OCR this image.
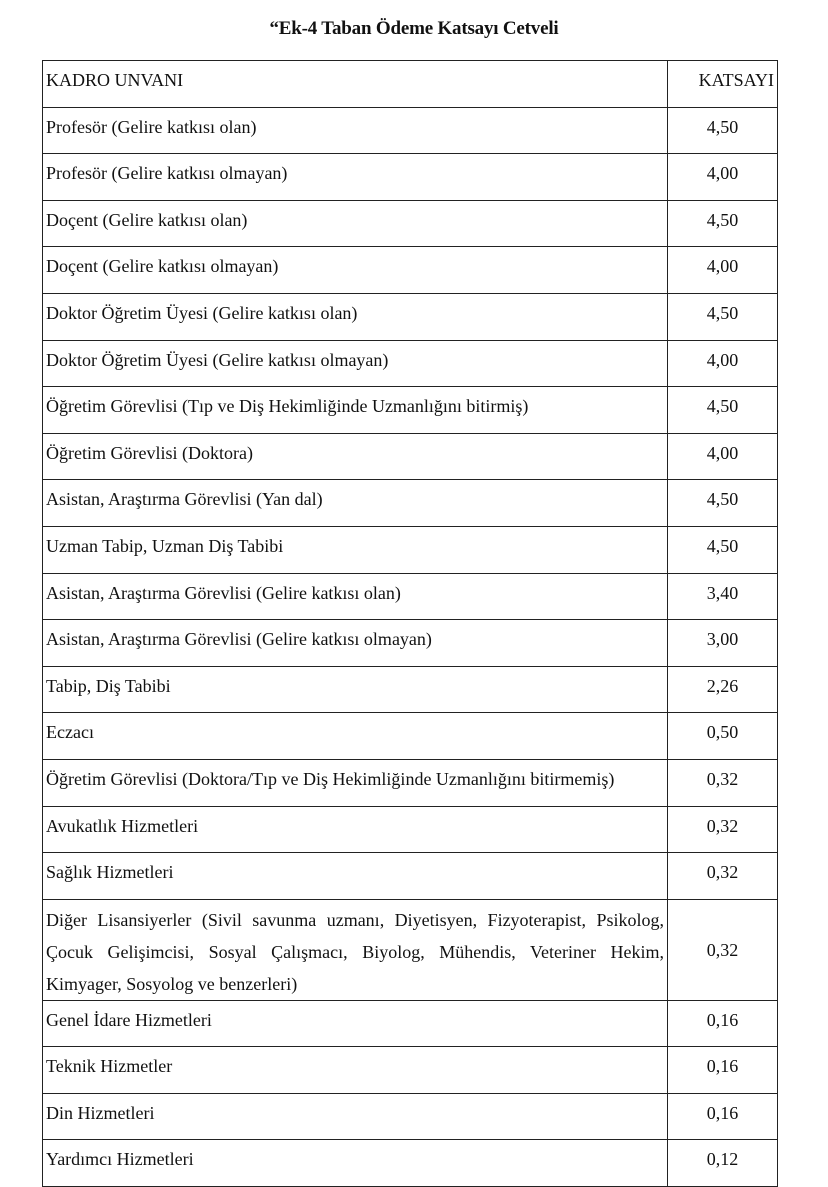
“Ek-4 Taban Ödeme Katsayı Cetveli
KADRO UNVANI	KATSAYI
Profesör (Gelire katkısı olan)	4,50
Profesör (Gelire katkısı olmayan)	4,00
Doçent (Gelire katkısı olan)	4,50
Doçent (Gelire katkısı olmayan)	4,00
Doktor Öğretim Üyesi (Gelire katkısı olan)	4,50
Doktor Öğretim Üyesi (Gelire katkısı olmayan)	4,00
Öğretim Görevlisi (Tıp ve Diş Hekimliğinde Uzmanlığını bitirmiş)	4,50
Öğretim Görevlisi (Doktora)	4,00
Asistan, Araştırma Görevlisi (Yan dal)	4,50
Uzman Tabip, Uzman Diş Tabibi	4,50
Asistan, Araştırma Görevlisi (Gelire katkısı olan)	3,40
Asistan, Araştırma Görevlisi (Gelire katkısı olmayan)	3,00
Tabip, Diş Tabibi	2,26
Eczacı	0,50
Öğretim Görevlisi (Doktora/Tıp ve Diş Hekimliğinde Uzmanlığını bitirmemiş)	0,32
Avukatlık Hizmetleri	0,32
Sağlık Hizmetleri	0,32
Diğer Lisansiyerler (Sivil savunma uzmanı, Diyetisyen, Fizyoterapist, Psikolog, Çocuk Gelişimcisi, Sosyal Çalışmacı, Biyolog, Mühendis, Veteriner Hekim, Kimyager, Sosyolog ve benzerleri)	0,32
Genel İdare Hizmetleri	0,16
Teknik Hizmetler	0,16
Din Hizmetleri	0,16
Yardımcı Hizmetleri	0,12
